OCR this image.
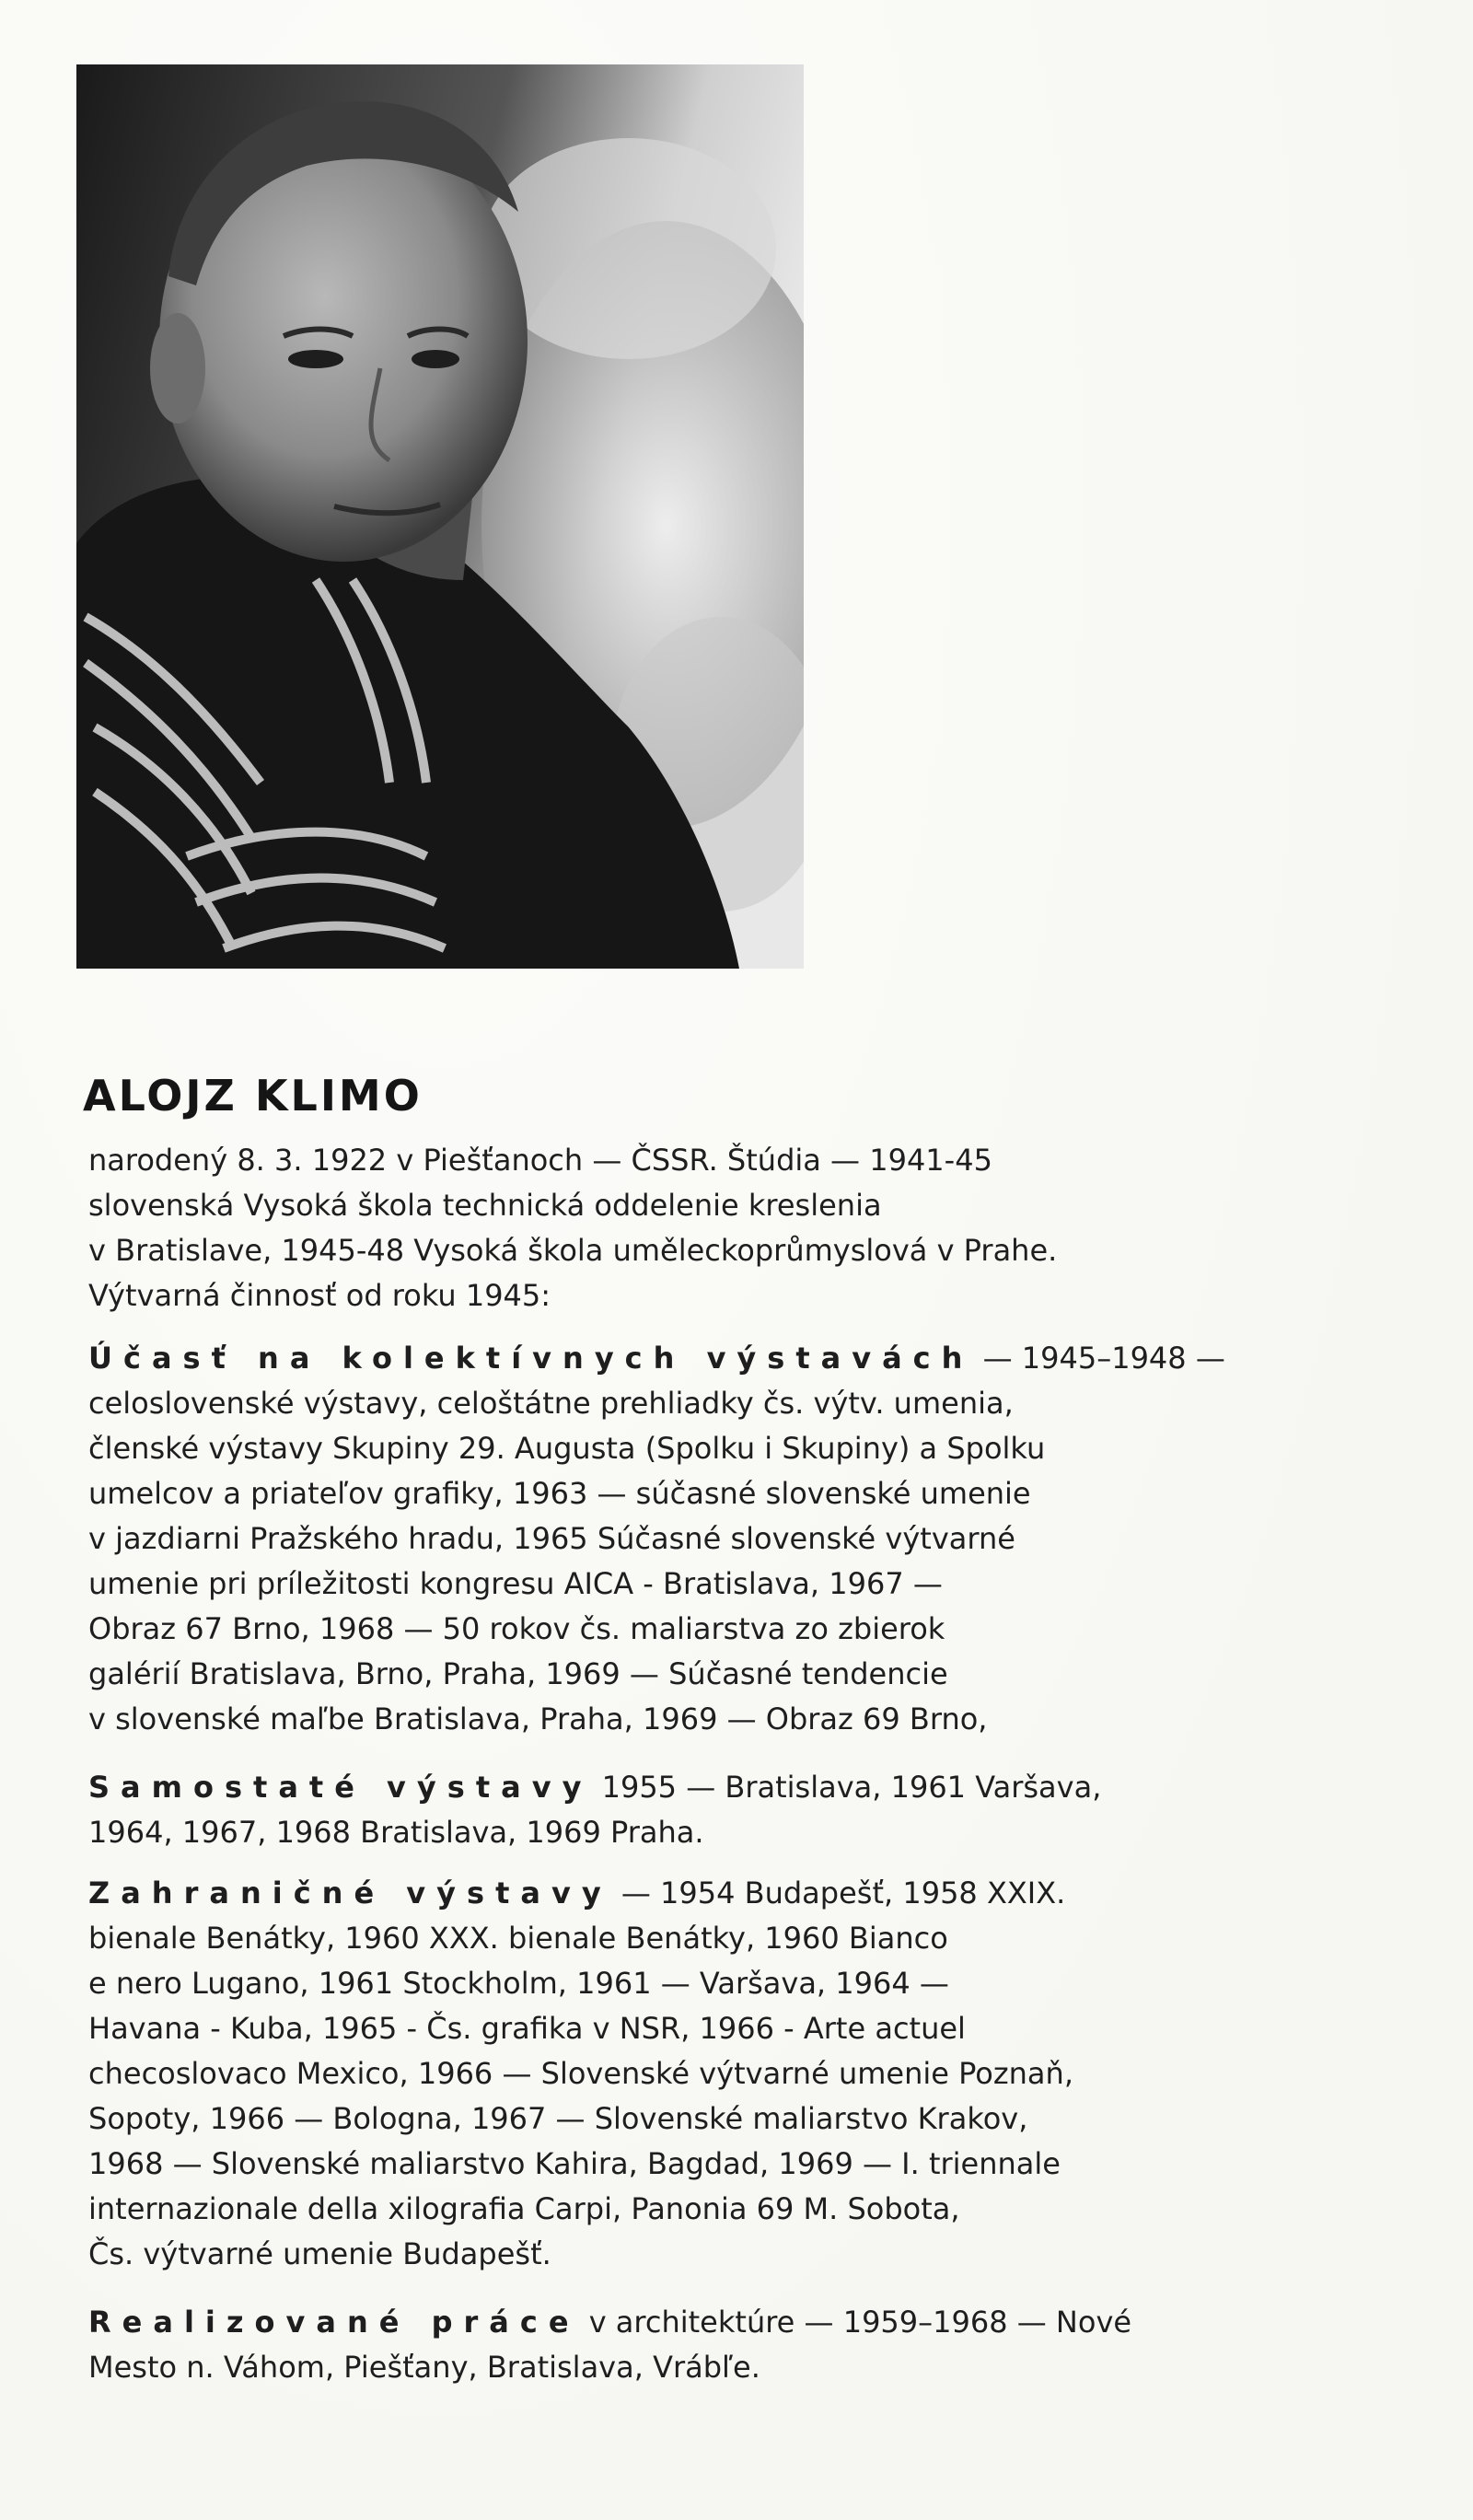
ALOJZ KLIMO
narodený 8. 3. 1922 v Piešťanoch — ČSSR. Štúdia — 1941-45
slovenská Vysoká škola technická oddelenie kreslenia
v Bratislave, 1945-48 Vysoká škola uměleckoprůmyslová v Prahe.
Výtvarná činnosť od roku 1945:
Účasť na kolektívnych výstavách — 1945–1948 —
celoslovenské výstavy, celoštátne prehliadky čs. výtv. umenia,
členské výstavy Skupiny 29. Augusta (Spolku i Skupiny) a Spolku
umelcov a priateľov grafiky, 1963 — súčasné slovenské umenie
v jazdiarni Pražského hradu, 1965 Súčasné slovenské výtvarné
umenie pri príležitosti kongresu AICA - Bratislava, 1967 —
Obraz 67 Brno, 1968 — 50 rokov čs. maliarstva zo zbierok
galérií Bratislava, Brno, Praha, 1969 — Súčasné tendencie
v slovenské maľbe Bratislava, Praha, 1969 — Obraz 69 Brno,
Samostaté výstavy 1955 — Bratislava, 1961 Varšava,
1964, 1967, 1968 Bratislava, 1969 Praha.
Zahraničné výstavy — 1954 Budapešť, 1958 XXIX.
bienale Benátky, 1960 XXX. bienale Benátky, 1960 Bianco
e nero Lugano, 1961 Stockholm, 1961 — Varšava, 1964 —
Havana - Kuba, 1965 - Čs. grafika v NSR, 1966 - Arte actuel
checoslovaco Mexico, 1966 — Slovenské výtvarné umenie Poznaň,
Sopoty, 1966 — Bologna, 1967 — Slovenské maliarstvo Krakov,
1968 — Slovenské maliarstvo Kahira, Bagdad, 1969 — I. triennale
internazionale della xilografia Carpi, Panonia 69 M. Sobota,
Čs. výtvarné umenie Budapešť.
Realizované práce v architektúre — 1959–1968 — Nové
Mesto n. Váhom, Piešťany, Bratislava, Vrábľe.
